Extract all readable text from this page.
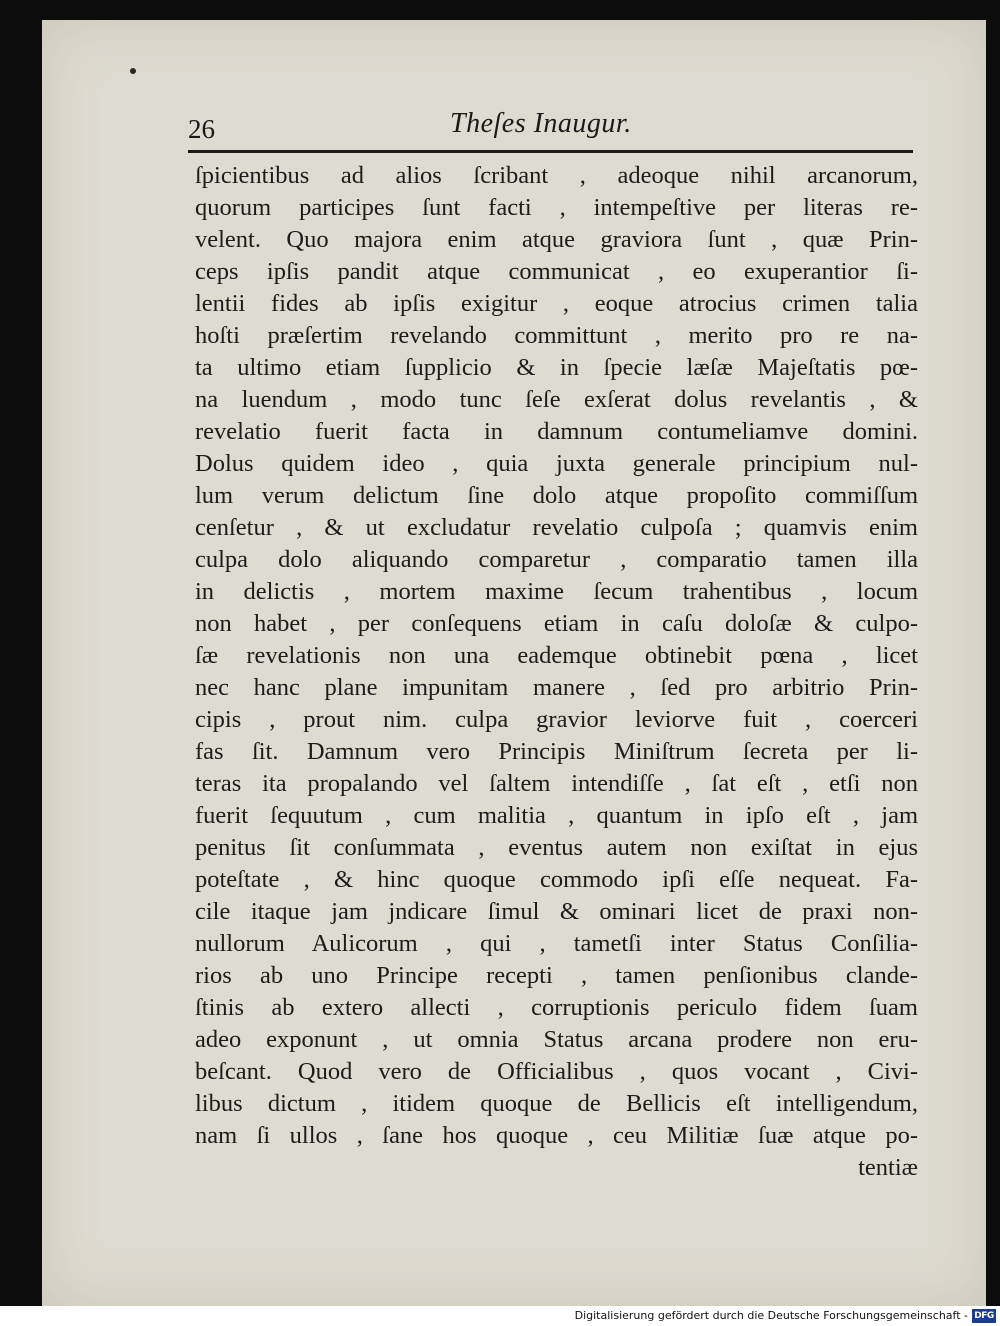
26	Theſes Inaugur.
ſpicientibus ad alios ſcribant , adeoque nihil arcanorum,
quorum participes ſunt facti , intempeſtive per literas re-
velent. Quo majora enim atque graviora ſunt , quæ Prin-
ceps ipſis pandit atque communicat , eo exuperantior ſi-
lentii fides ab ipſis exigitur , eoque atrocius crimen talia
hoſti præſertim revelando committunt , merito pro re na-
ta ultimo etiam ſupplicio & in ſpecie læſæ Majeſtatis pœ-
na luendum , modo tunc ſeſe exſerat dolus revelantis , &
revelatio fuerit facta in damnum contumeliamve domini.
Dolus quidem ideo , quia juxta generale principium nul-
lum verum delictum ſine dolo atque propoſito commiſſum
cenſetur , & ut excludatur revelatio culpoſa ; quamvis enim
culpa dolo aliquando comparetur , comparatio tamen illa
in delictis , mortem maxime ſecum trahentibus , locum
non habet , per conſequens etiam in caſu doloſæ & culpo-
ſæ revelationis non una eademque obtinebit pœna , licet
nec hanc plane impunitam manere , ſed pro arbitrio Prin-
cipis , prout nim. culpa gravior leviorve fuit , coerceri
fas ſit. Damnum vero Principis Miniſtrum ſecreta per li-
teras ita propalando vel ſaltem intendiſſe , ſat eſt , etſi non
fuerit ſequutum , cum malitia , quantum in ipſo eſt , jam
penitus ſit conſummata , eventus autem non exiſtat in ejus
poteſtate , & hinc quoque commodo ipſi eſſe nequeat. Fa-
cile itaque jam jndicare ſimul & ominari licet de praxi non-
nullorum Aulicorum , qui , tametſi inter Status Conſilia-
rios ab uno Principe recepti , tamen penſionibus clande-
ſtinis ab extero allecti , corruptionis periculo fidem ſuam
adeo exponunt , ut omnia Status arcana prodere non eru-
beſcant. Quod vero de Officialibus , quos vocant , Civi-
libus dictum , itidem quoque de Bellicis eſt intelligendum,
nam ſi ullos , ſane hos quoque , ceu Militiæ ſuæ atque po-
tentiæ
Digitalisierung gefördert durch die Deutsche Forschungsgemeinschaft - DFG
